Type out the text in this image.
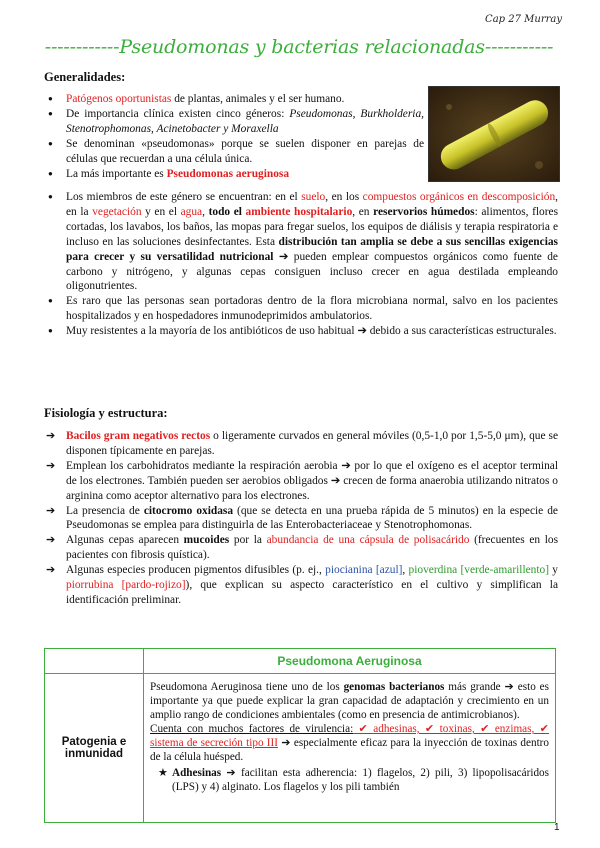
Cap 27 Murray
------------Pseudomonas y bacterias relacionadas-----------
Generalidades:
● Patógenos oportunistas de plantas, animales y el ser humano.
● De importancia clínica existen cinco géneros: Pseudomonas, Burkholderia, Stenotrophomonas, Acinetobacter y Moraxella
● Se denominan «pseudomonas» porque se suelen disponer en parejas de células que recuerdan a una célula única.
● La más importante es Pseudomonas aeruginosa
● Los miembros de este género se encuentran: en el suelo, en los compuestos orgánicos en descomposición, en la vegetación y en el agua, todo el ambiente hospitalario, en reservorios húmedos: alimentos, flores cortadas, los lavabos, los baños, las mopas para fregar suelos, los equipos de diálisis y terapia respiratoria e incluso en las soluciones desinfectantes. Esta distribución tan amplia se debe a sus sencillas exigencias para crecer y su versatilidad nutricional ➔ pueden emplear compuestos orgánicos como fuente de carbono y nitrógeno, y algunas cepas consiguen incluso crecer en agua destilada empleando oligonutrientes.
● Es raro que las personas sean portadoras dentro de la flora microbiana normal, salvo en los pacientes hospitalizados y en hospedadores inmunodeprimidos ambulatorios.
● Muy resistentes a la mayoría de los antibióticos de uso habitual ➔ debido a sus características estructurales.
Fisiología y estructura:
➔ Bacilos gram negativos rectos o ligeramente curvados en general móviles (0,5-1,0 por 1,5-5,0 μm), que se disponen típicamente en parejas.
➔ Emplean los carbohidratos mediante la respiración aerobia ➔ por lo que el oxígeno es el aceptor terminal de los electrones. También pueden ser aerobios obligados ➔ crecen de forma anaerobia utilizando nitratos o arginina como aceptor alternativo para los electrones.
➔ La presencia de citocromo oxidasa (que se detecta en una prueba rápida de 5 minutos) en la especie de Pseudomonas se emplea para distinguirla de las Enterobacteriaceae y Stenotrophomonas.
➔ Algunas cepas aparecen mucoides por la abundancia de una cápsula de polisacárido (frecuentes en los pacientes con fibrosis quística).
➔ Algunas especies producen pigmentos difusibles (p. ej., piocianina [azul], pioverdina [verde-amarillento] y piorrubina [pardo-rojizo]), que explican su aspecto característico en el cultivo y simplifican la identificación preliminar.
	Pseudomona Aeruginosa
Patogenia e inmunidad	Pseudomona Aeruginosa tiene uno de los genomas bacterianos más grande ➔ esto es importante ya que puede explicar la gran capacidad de adaptación y crecimiento en un amplio rango de condiciones ambientales (como en presencia de antimicrobianos).
Cuenta con muchos factores de virulencia: ✔ adhesinas, ✔ toxinas, ✔ enzimas, ✔ sistema de secreción tipo III ➔ especialmente eficaz para la inyección de toxinas dentro de la célula huésped.
★ Adhesinas ➔ facilitan esta adherencia: 1) flagelos, 2) pili, 3) lipopolisacáridos (LPS) y 4) alginato. Los flagelos y los pili también
1
